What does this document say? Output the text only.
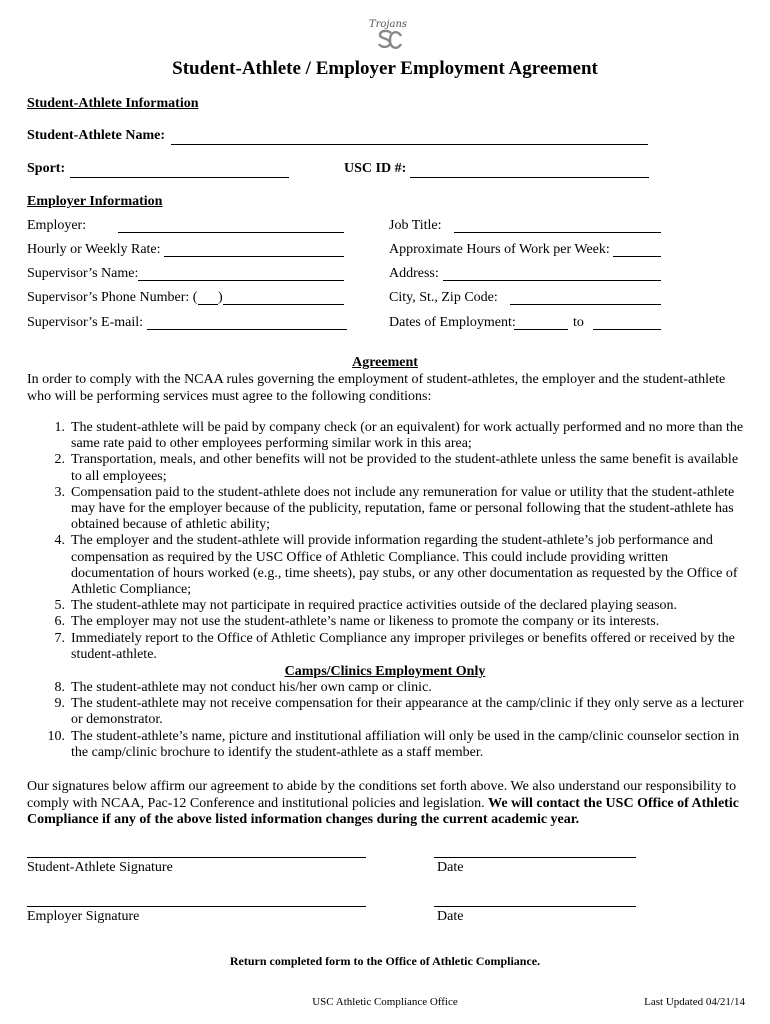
Trojans
Student-Athlete / Employer Employment Agreement
Student-Athlete Information
Student-Athlete Name:
Sport:	USC ID #:
Employer Information
Employer:	Job Title:
Hourly or Weekly Rate:	Approximate Hours of Work per Week:
Supervisor’s Name:	Address:
Supervisor’s Phone Number: ( )	City, St., Zip Code:
Supervisor’s E-mail:	Dates of Employment:	to
Agreement
In order to comply with the NCAA rules governing the employment of student-athletes, the employer and the student-athlete who will be performing services must agree to the following conditions:
1. The student-athlete will be paid by company check (or an equivalent) for work actually performed and no more than the same rate paid to other employees performing similar work in this area;
2. Transportation, meals, and other benefits will not be provided to the student-athlete unless the same benefit is available to all employees;
3. Compensation paid to the student-athlete does not include any remuneration for value or utility that the student-athlete may have for the employer because of the publicity, reputation, fame or personal following that the student-athlete has obtained because of athletic ability;
4. The employer and the student-athlete will provide information regarding the student-athlete’s job performance and compensation as required by the USC Office of Athletic Compliance. This could include providing written documentation of hours worked (e.g., time sheets), pay stubs, or any other documentation as requested by the Office of Athletic Compliance;
5. The student-athlete may not participate in required practice activities outside of the declared playing season.
6. The employer may not use the student-athlete’s name or likeness to promote the company or its interests.
7. Immediately report to the Office of Athletic Compliance any improper privileges or benefits offered or received by the student-athlete.
Camps/Clinics Employment Only
8. The student-athlete may not conduct his/her own camp or clinic.
9. The student-athlete may not receive compensation for their appearance at the camp/clinic if they only serve as a lecturer or demonstrator.
10. The student-athlete’s name, picture and institutional affiliation will only be used in the camp/clinic counselor section in the camp/clinic brochure to identify the student-athlete as a staff member.
Our signatures below affirm our agreement to abide by the conditions set forth above. We also understand our responsibility to comply with NCAA, Pac-12 Conference and institutional policies and legislation. We will contact the USC Office of Athletic Compliance if any of the above listed information changes during the current academic year.
Student-Athlete Signature	Date
Employer Signature	Date
Return completed form to the Office of Athletic Compliance.
USC Athletic Compliance Office	Last Updated 04/21/14
